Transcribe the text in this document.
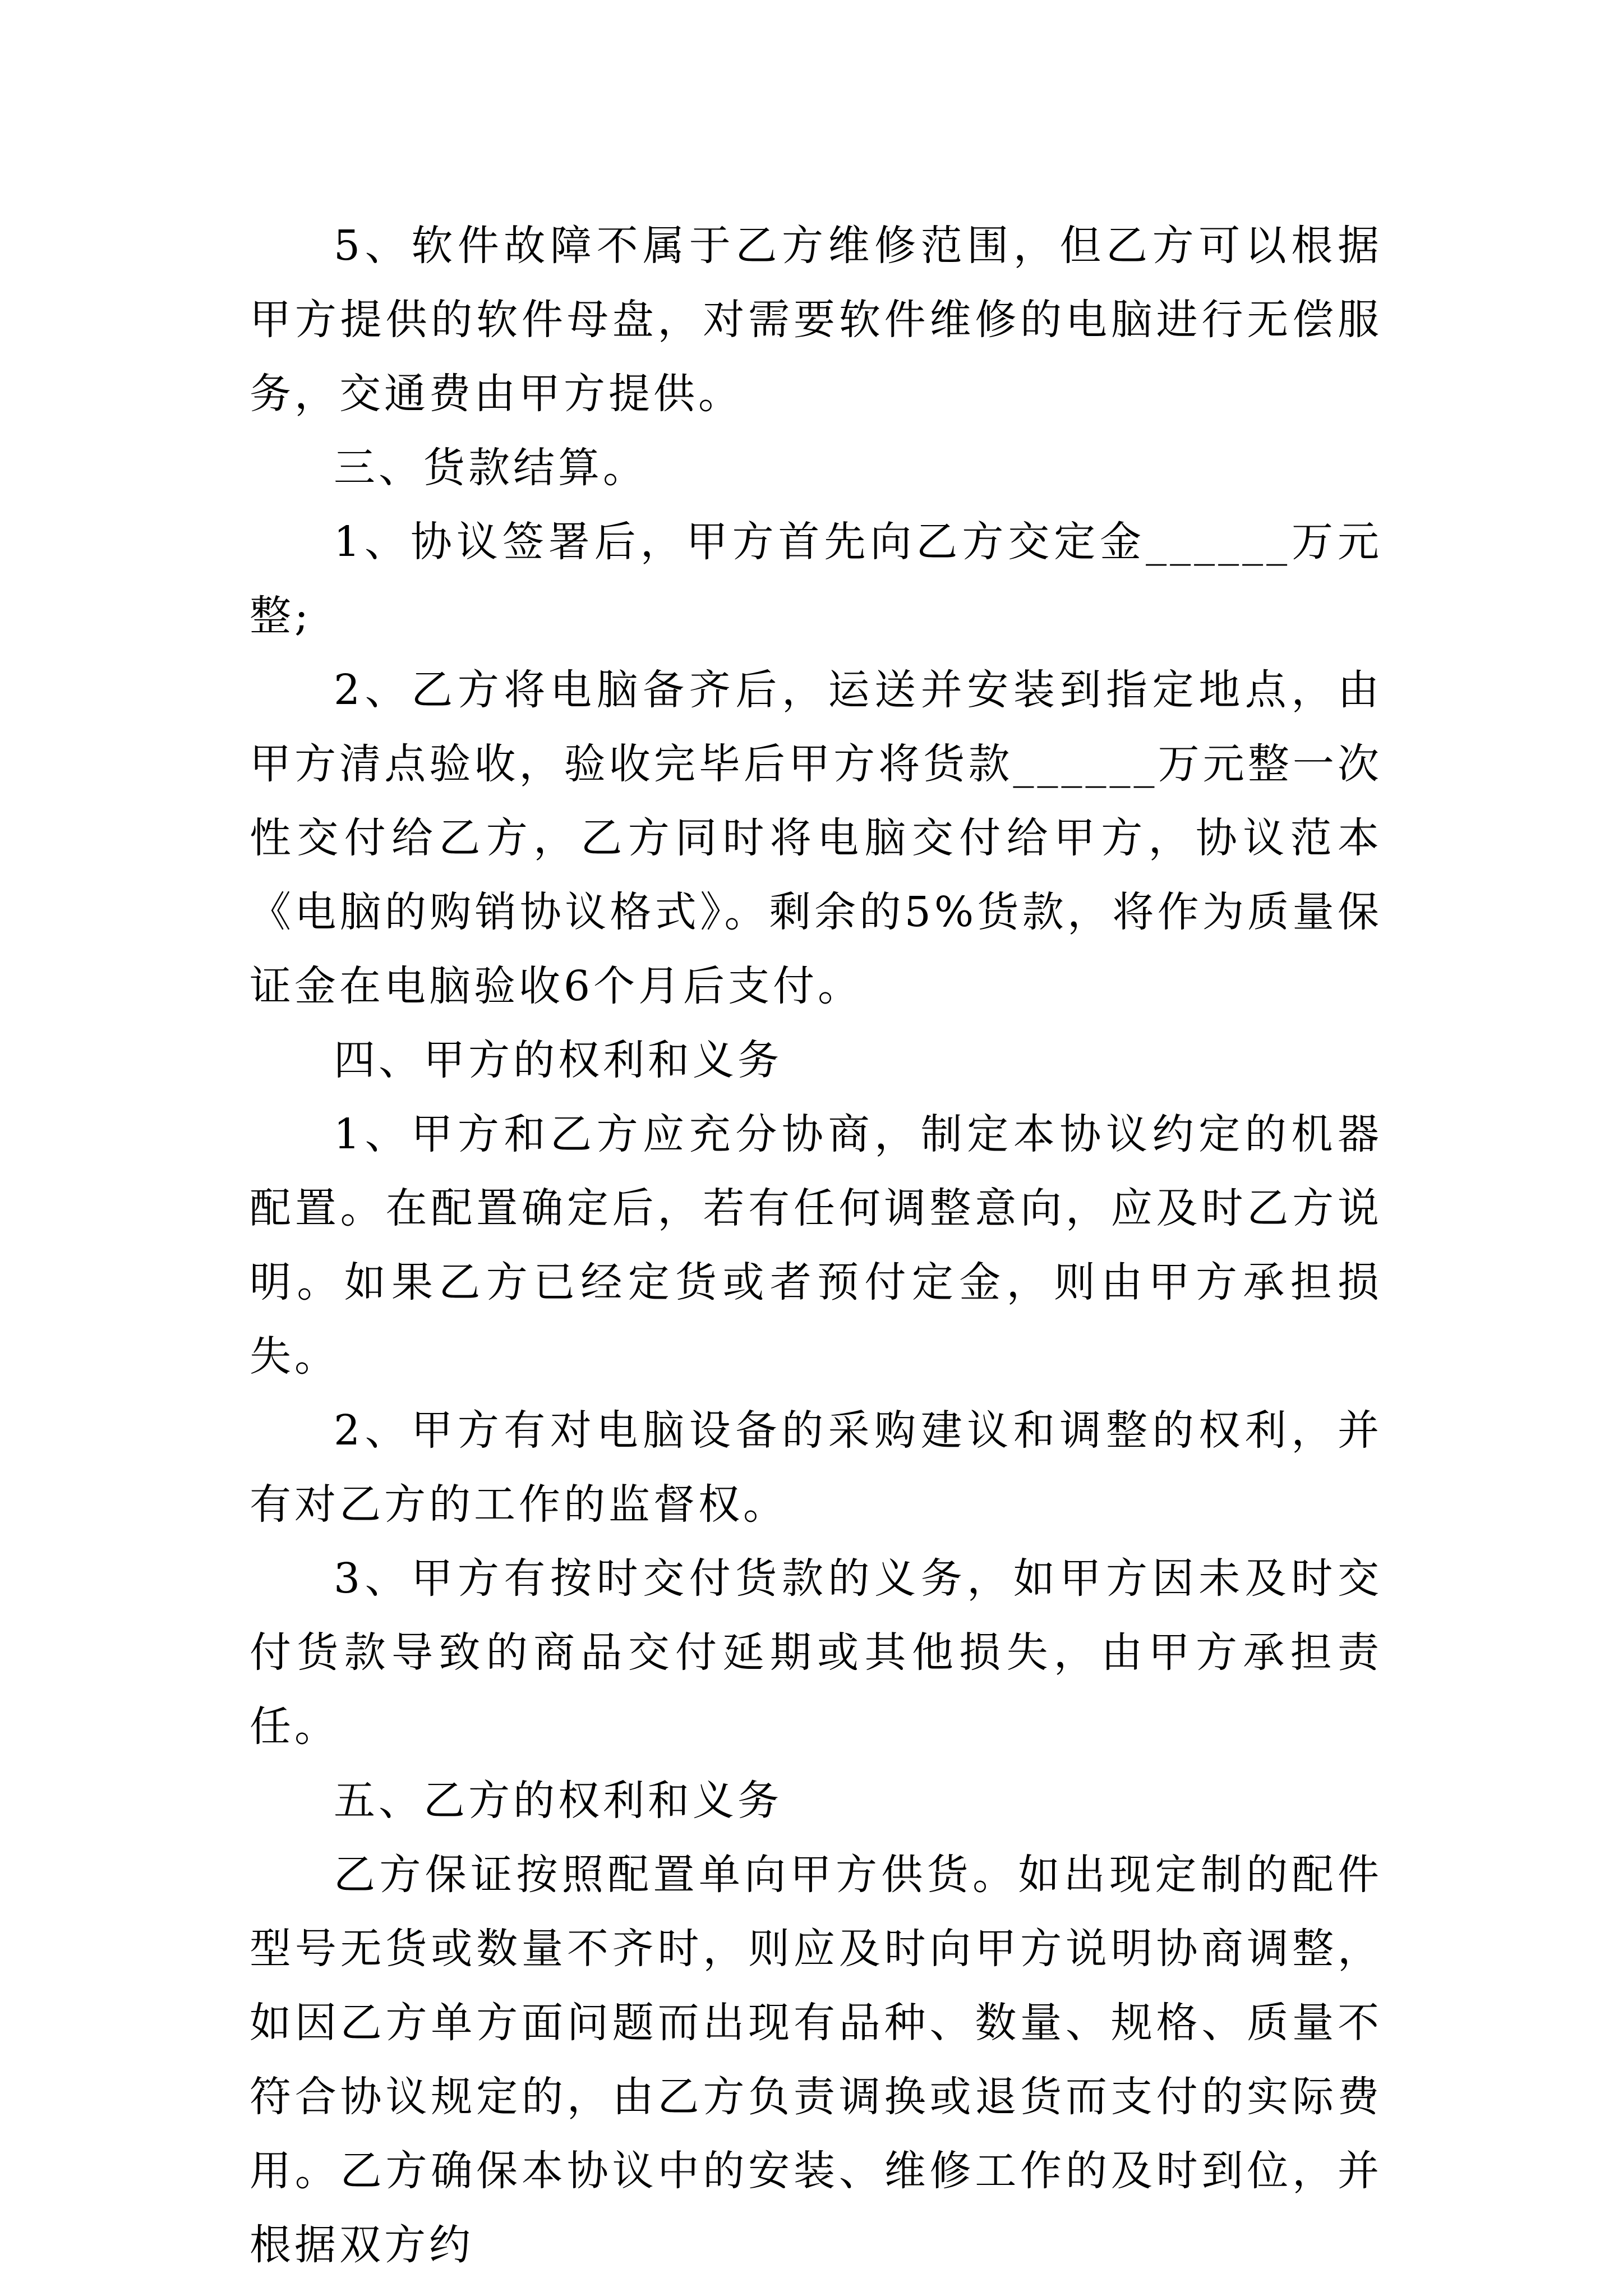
5、软件故障不属于乙方维修范围，但乙方可以根据甲方提供的软件母盘，对需要软件维修的电脑进行无偿服务，交通费由甲方提供。

三、货款结算。

1、协议签署后，甲方首先向乙方交定金______万元整;

2、乙方将电脑备齐后，运送并安装到指定地点，由甲方清点验收，验收完毕后甲方将货款______万元整一次性交付给乙方，乙方同时将电脑交付给甲方，协议范本《电脑的购销协议格式》。剩余的5%货款，将作为质量保证金在电脑验收6个月后支付。

四、甲方的权利和义务

1、甲方和乙方应充分协商，制定本协议约定的机器配置。在配置确定后，若有任何调整意向，应及时乙方说明。如果乙方已经定货或者预付定金，则由甲方承担损失。

2、甲方有对电脑设备的采购建议和调整的权利，并有对乙方的工作的监督权。

3、甲方有按时交付货款的义务，如甲方因未及时交付货款导致的商品交付延期或其他损失，由甲方承担责任。

五、乙方的权利和义务

乙方保证按照配置单向甲方供货。如出现定制的配件型号无货或数量不齐时，则应及时向甲方说明协商调整，如因乙方单方面问题而出现有品种、数量、规格、质量不符合协议规定的，由乙方负责调换或退货而支付的实际费用。乙方确保本协议中的安装、维修工作的及时到位，并根据双方约
